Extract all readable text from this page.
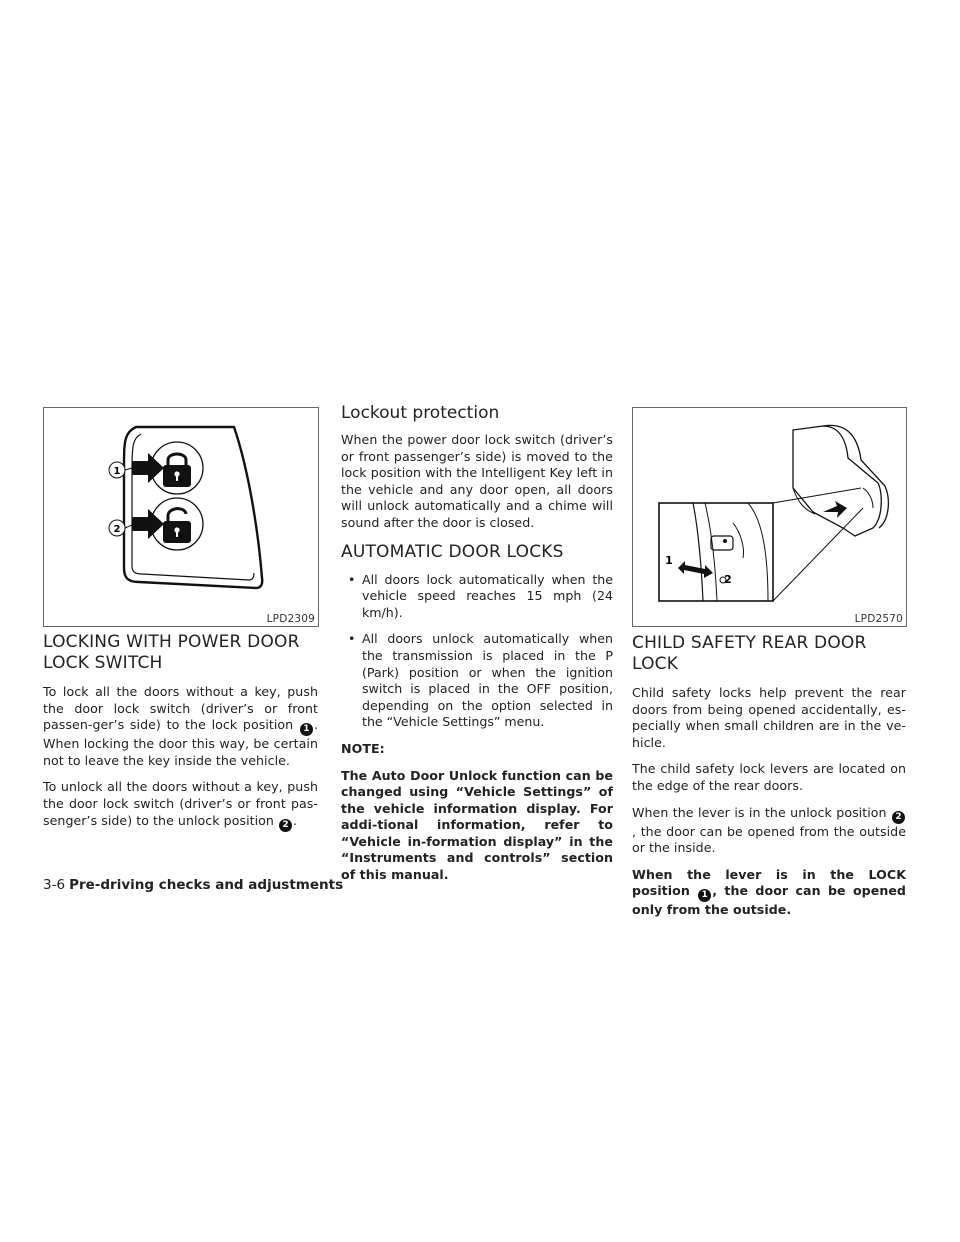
1
2
LPD2309
LOCKING WITH POWER DOOR
LOCK SWITCH

To lock all the doors without a key, push the door lock switch (driver’s or front passen-ger’s side) to the lock position 1 . When locking the door this way, be certain not to leave the key inside the vehicle.

To unlock all the doors without a key, push the door lock switch (driver’s or front pas-senger’s side) to the unlock position 2 .

Lockout protection

When the power door lock switch (driver’s or front passenger’s side) is moved to the lock position with the Intelligent Key left in the vehicle and any door open, all doors will unlock automatically and a chime will sound after the door is closed.

AUTOMATIC DOOR LOCKS
• All doors lock automatically when the vehicle speed reaches 15 mph (24 km/h).
• All doors unlock automatically when the transmission is placed in the P (Park) position or when the ignition switch is placed in the OFF position, depending on the option selected in the “Vehicle Settings” menu.

NOTE:

The Auto Door Unlock function can be changed using “Vehicle Settings” of the vehicle information display. For addi-tional information, refer to “Vehicle in-formation display” in the “Instruments and controls” section of this manual.

1
2
LPD2570
CHILD SAFETY REAR DOOR LOCK

Child safety locks help prevent the rear doors from being opened accidentally, es-pecially when small children are in the ve-hicle.

The child safety lock levers are located on the edge of the rear doors.

When the lever is in the unlock position 2, the door can be opened from the outside or the inside.

When the lever is in the LOCK position 1 , the door can be opened only from the outside.

3-6 Pre-driving checks and adjustments
